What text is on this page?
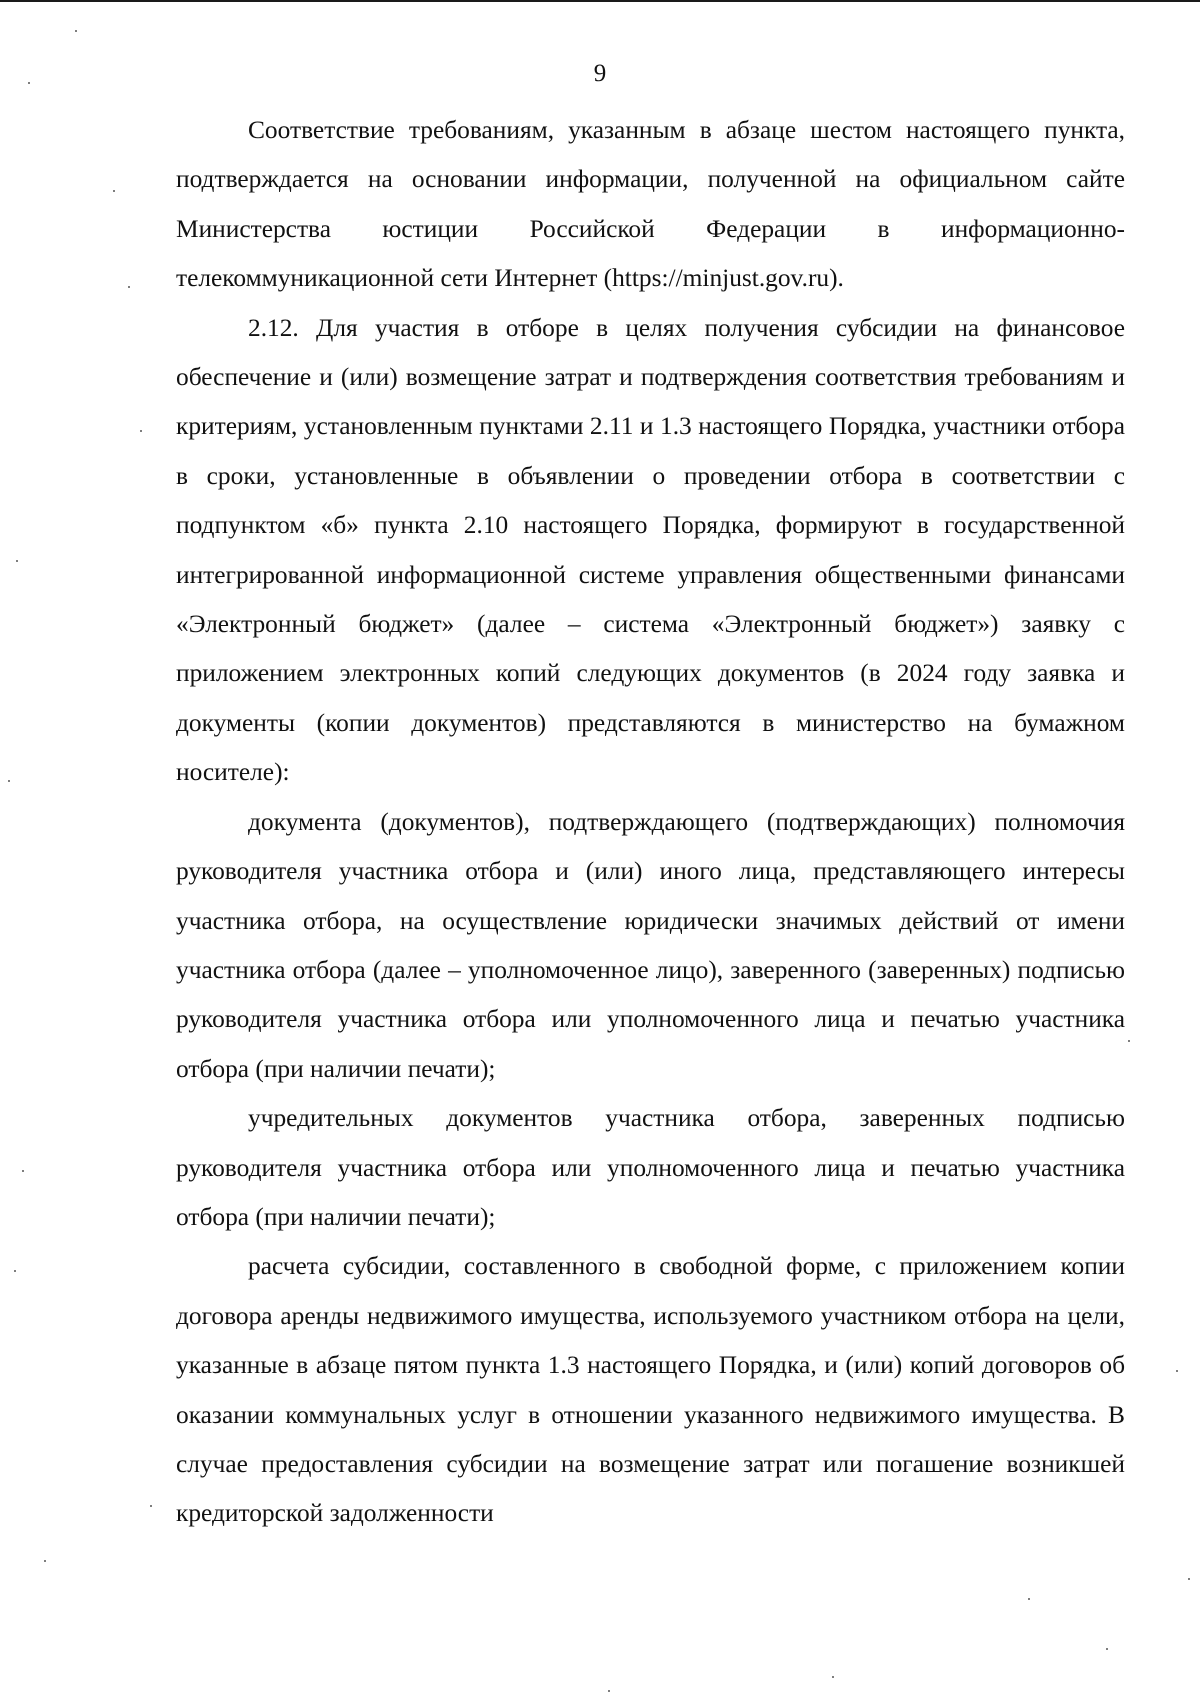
9

Соответствие требованиям, указанным в абзаце шестом настоящего пункта, подтверждается на основании информации, полученной на официальном сайте Министерства юстиции Российской Федерации в информационно-телекоммуникационной сети Интернет (https://minjust.gov.ru).

2.12. Для участия в отборе в целях получения субсидии на финансовое обеспечение и (или) возмещение затрат и подтверждения соответствия требованиям и критериям, установленным пунктами 2.11 и 1.3 настоящего Порядка, участники отбора в сроки, установленные в объявлении о проведении отбора в соответствии с подпунктом «б» пункта 2.10 настоящего Порядка, формируют в государственной интегрированной информационной системе управления общественными финансами «Электронный бюджет» (далее – система «Электронный бюджет») заявку с приложением электронных копий следующих документов (в 2024 году заявка и документы (копии документов) представляются в министерство на бумажном носителе):

документа (документов), подтверждающего (подтверждающих) полномочия руководителя участника отбора и (или) иного лица, представляющего интересы участника отбора, на осуществление юридически значимых действий от имени участника отбора (далее – уполномоченное лицо), заверенного (заверенных) подписью руководителя участника отбора или уполномоченного лица и печатью участника отбора (при наличии печати);

учредительных документов участника отбора, заверенных подписью руководителя участника отбора или уполномоченного лица и печатью участника отбора (при наличии печати);

расчета субсидии, составленного в свободной форме, с приложением копии договора аренды недвижимого имущества, используемого участником отбора на цели, указанные в абзаце пятом пункта 1.3 настоящего Порядка, и (или) копий договоров об оказании коммунальных услуг в отношении указанного недвижимого имущества. В случае предоставления субсидии на возмещение затрат или погашение возникшей кредиторской задолженности
